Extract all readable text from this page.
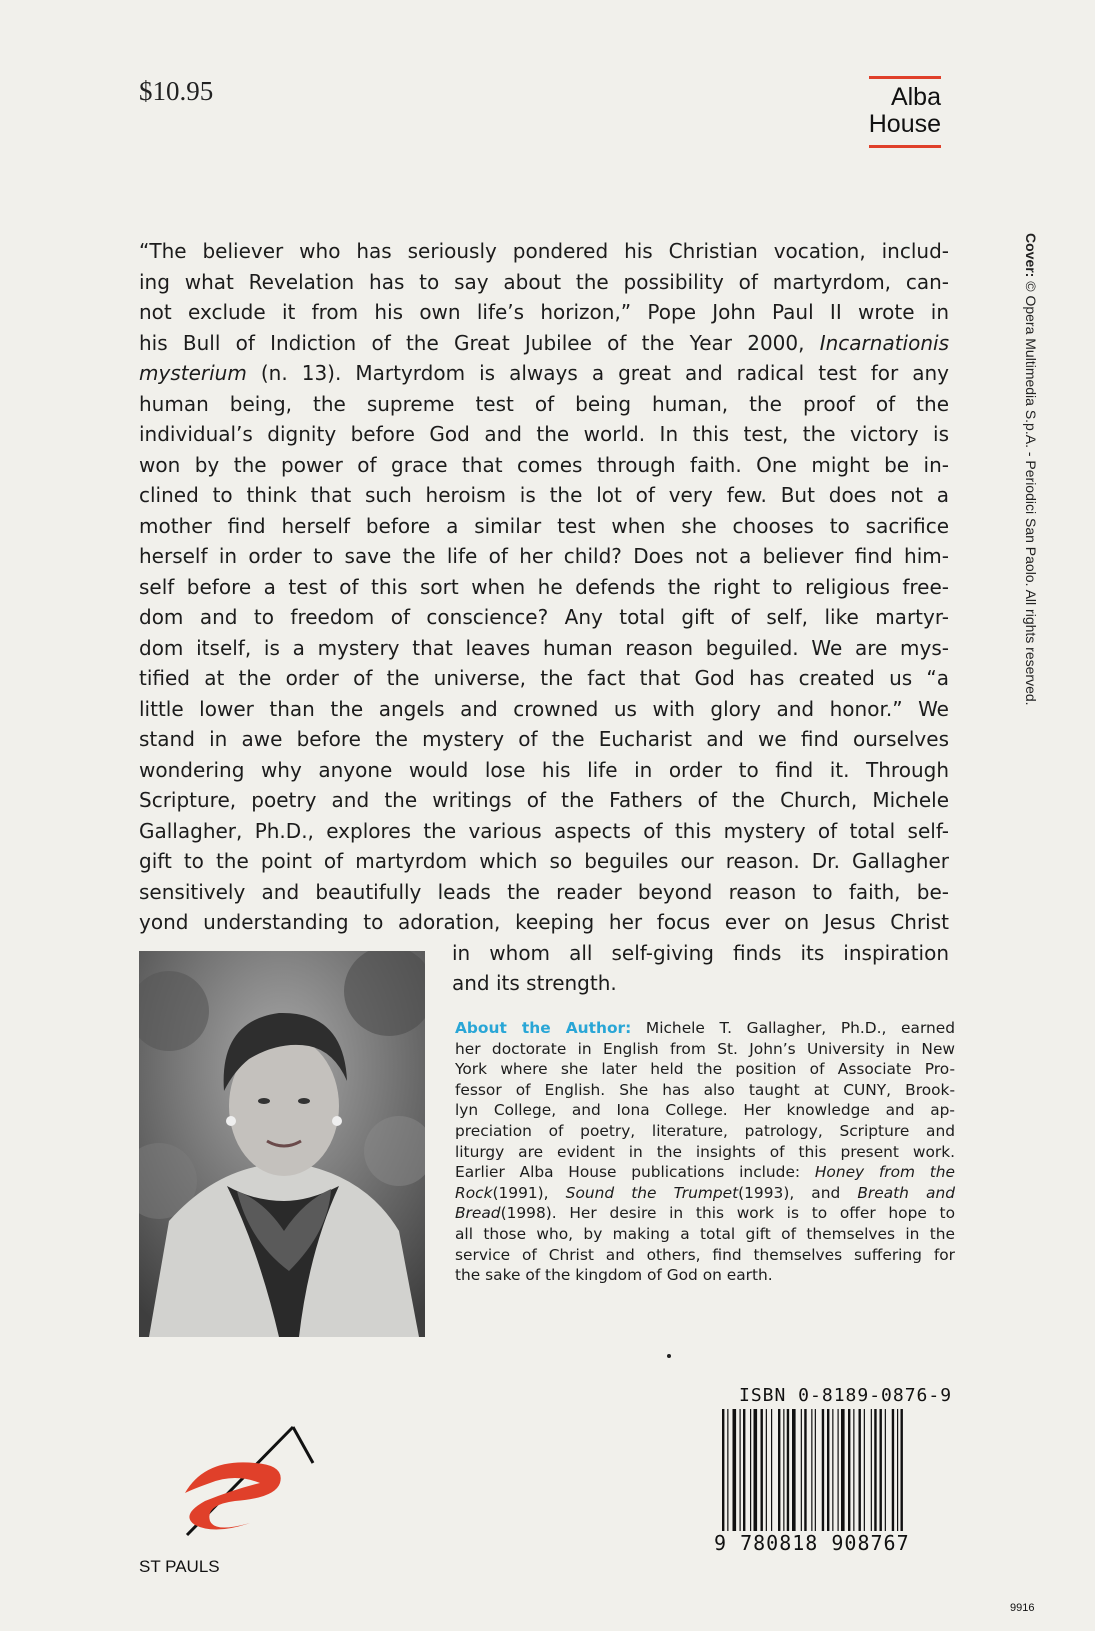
$10.95	Alba
House
Cover: © Opera Multimedia S.p.A. - Periodici San Paolo. All rights reserved.
“The believer who has seriously pondered his Christian vocation, includ-
ing what Revelation has to say about the possibility of martyrdom, can-
not exclude it from his own life’s horizon,” Pope John Paul II wrote in
his Bull of Indiction of the Great Jubilee of the Year 2000, Incarnationis
mysterium (n. 13). Martyrdom is always a great and radical test for any
human being, the supreme test of being human, the proof of the
individual’s dignity before God and the world. In this test, the victory is
won by the power of grace that comes through faith. One might be in-
clined to think that such heroism is the lot of very few. But does not a
mother find herself before a similar test when she chooses to sacrifice
herself in order to save the life of her child? Does not a believer find him-
self before a test of this sort when he defends the right to religious free-
dom and to freedom of conscience? Any total gift of self, like martyr-
dom itself, is a mystery that leaves human reason beguiled. We are mys-
tified at the order of the universe, the fact that God has created us “a
little lower than the angels and crowned us with glory and honor.” We
stand in awe before the mystery of the Eucharist and we find ourselves
wondering why anyone would lose his life in order to find it. Through
Scripture, poetry and the writings of the Fathers of the Church, Michele
Gallagher, Ph.D., explores the various aspects of this mystery of total self-
gift to the point of martyrdom which so beguiles our reason. Dr. Gallagher
sensitively and beautifully leads the reader beyond reason to faith, be-
yond understanding to adoration, keeping her focus ever on Jesus Christ
in whom all self-giving finds its inspiration
and its strength.
About the Author: Michele T. Gallagher, Ph.D., earned
her doctorate in English from St. John’s University in New
York where she later held the position of Associate Pro-
fessor of English. She has also taught at CUNY, Brook-
lyn College, and Iona College. Her knowledge and ap-
preciation of poetry, literature, patrology, Scripture and
liturgy are evident in the insights of this present work.
Earlier Alba House publications include: Honey from the
Rock(1991), Sound the Trumpet(1993), and Breath and
Bread(1998). Her desire in this work is to offer hope to
all those who, by making a total gift of themselves in the
service of Christ and others, find themselves suffering for
the sake of the kingdom of God on earth.
ISBN 0-8189-0876-9
9 780818 908767
ST PAULS
9916
